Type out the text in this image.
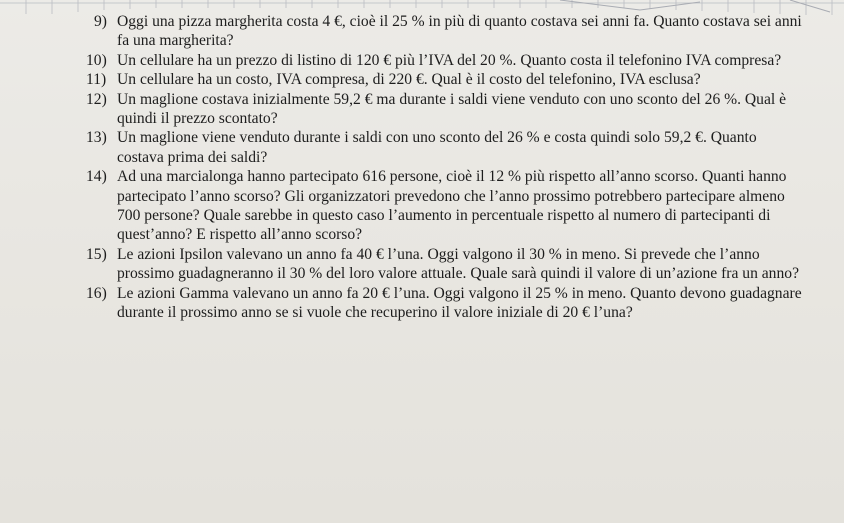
9) Oggi una pizza margherita costa 4 €, cioè il 25 % in più di quanto costava sei anni fa. Quanto costava sei anni fa una margherita?
10) Un cellulare ha un prezzo di listino di 120 € più l’IVA del 20 %. Quanto costa il telefonino IVA compresa?
11) Un cellulare ha un costo, IVA compresa, di 220 €. Qual è il costo del telefonino, IVA esclusa?
12) Un maglione costava inizialmente 59,2 € ma durante i saldi viene venduto con uno sconto del 26 %. Qual è quindi il prezzo scontato?
13) Un maglione viene venduto durante i saldi con uno sconto del 26 % e costa quindi solo 59,2 €. Quanto costava prima dei saldi?
14) Ad una marcialonga hanno partecipato 616 persone, cioè il 12 % più rispetto all’anno scorso. Quanti hanno partecipato l’anno scorso? Gli organizzatori prevedono che l’anno prossimo potrebbero partecipare almeno 700 persone? Quale sarebbe in questo caso l’aumento in percentuale rispetto al numero di partecipanti di quest’anno? E rispetto all’anno scorso?
15) Le azioni Ipsilon valevano un anno fa 40 € l’una. Oggi valgono il 30 % in meno. Si prevede che l’anno prossimo guadagneranno il 30 % del loro valore attuale. Quale sarà quindi il valore di un’azione fra un anno?
16) Le azioni Gamma valevano un anno fa 20 € l’una. Oggi valgono il 25 % in meno. Quanto devono guadagnare durante il prossimo anno se si vuole che recuperino il valore iniziale di 20 € l’una?
